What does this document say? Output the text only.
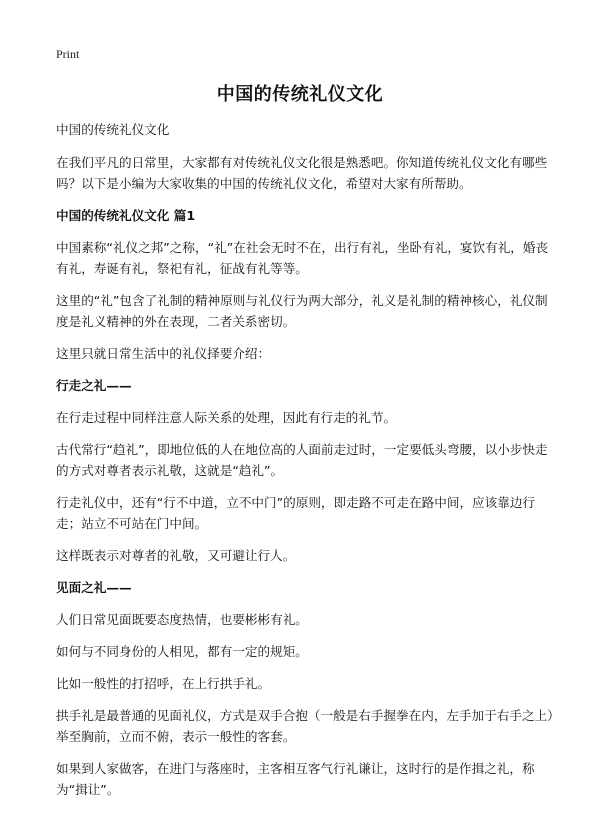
Print
中国的传统礼仪文化

中国的传统礼仪文化

在我们平凡的日常里，大家都有对传统礼仪文化很是熟悉吧。你知道传统礼仪文化有哪些吗？以下是小编为大家收集的中国的传统礼仪文化，希望对大家有所帮助。

中国的传统礼仪文化 篇1

中国素称“礼仪之邦”之称，“礼”在社会无时不在，出行有礼，坐卧有礼，宴饮有礼，婚丧有礼，寿诞有礼，祭祀有礼，征战有礼等等。

这里的“礼”包含了礼制的精神原则与礼仪行为两大部分，礼义是礼制的精神核心，礼仪制度是礼义精神的外在表现，二者关系密切。

这里只就日常生活中的礼仪择要介绍：

行走之礼——

在行走过程中同样注意人际关系的处理，因此有行走的礼节。

古代常行“趋礼”，即地位低的人在地位高的人面前走过时，一定要低头弯腰，以小步快走的方式对尊者表示礼敬，这就是“趋礼”。

行走礼仪中，还有“行不中道，立不中门”的原则，即走路不可走在路中间，应该靠边行走；站立不可站在门中间。

这样既表示对尊者的礼敬，又可避让行人。

见面之礼——

人们日常见面既要态度热情，也要彬彬有礼。

如何与不同身份的人相见，都有一定的规矩。

比如一般性的打招呼，在上行拱手礼。

拱手礼是最普通的见面礼仪，方式是双手合抱（一般是右手握拳在内，左手加于右手之上）举至胸前，立而不俯，表示一般性的客套。

如果到人家做客，在进门与落座时，主客相互客气行礼谦让，这时行的是作揖之礼，称为“揖让”。
